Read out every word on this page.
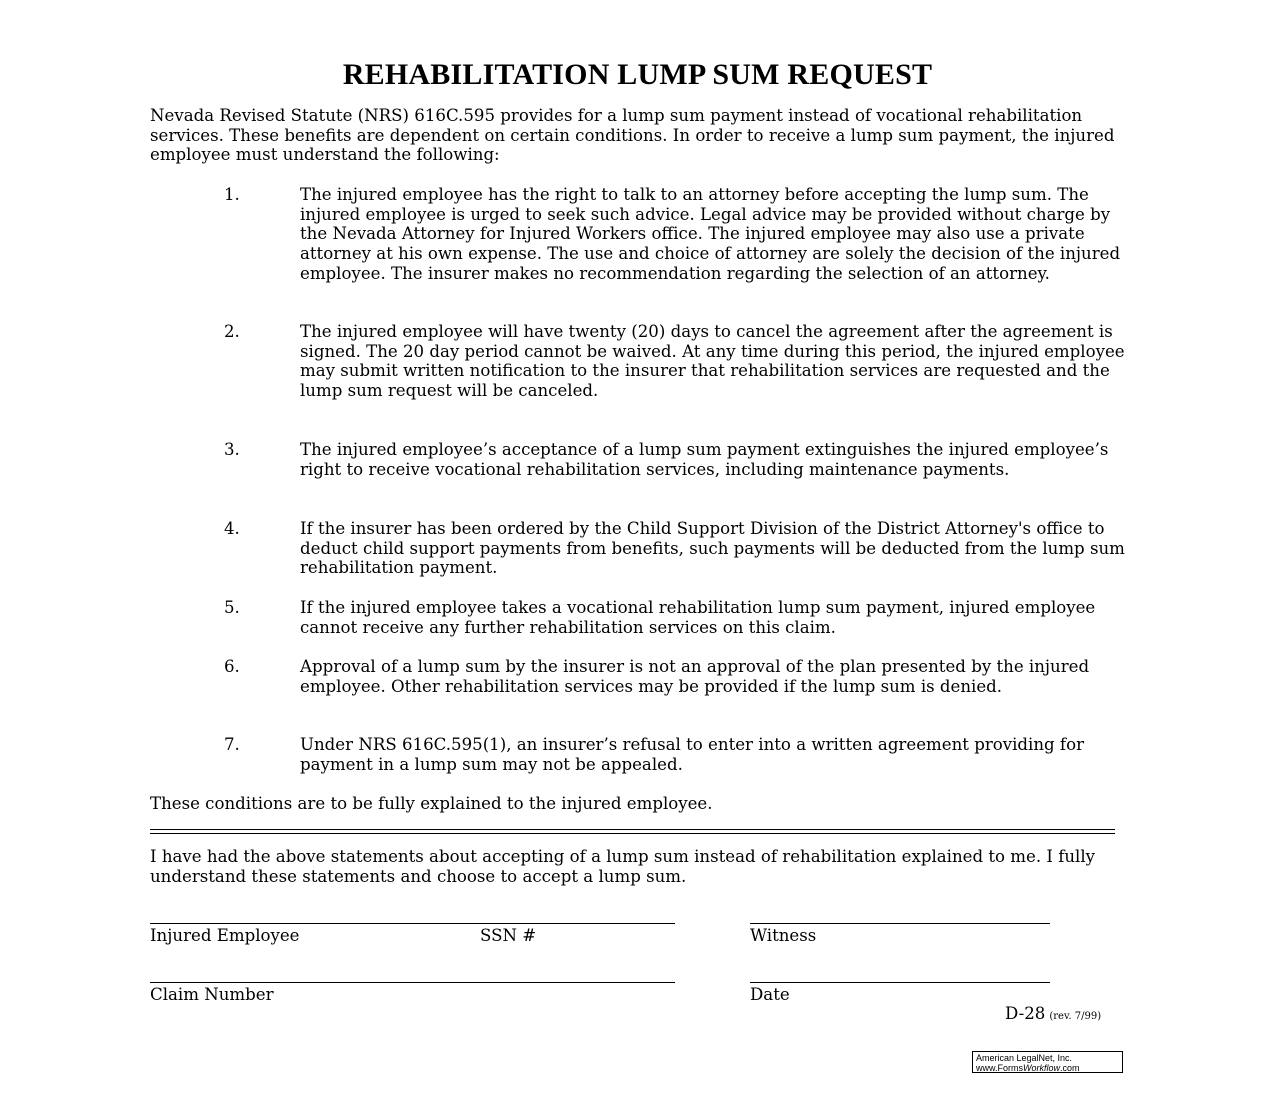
REHABILITATION LUMP SUM REQUEST

Nevada Revised Statute (NRS) 616C.595 provides for a lump sum payment instead of vocational rehabilitation services. These benefits are dependent on certain conditions. In order to receive a lump sum payment, the injured employee must understand the following:

1.	The injured employee has the right to talk to an attorney before accepting the lump sum. The injured employee is urged to seek such advice. Legal advice may be provided without charge by the Nevada Attorney for Injured Workers office. The injured employee may also use a private attorney at his own expense. The use and choice of attorney are solely the decision of the injured employee. The insurer makes no recommendation regarding the selection of an attorney.
2.	The injured employee will have twenty (20) days to cancel the agreement after the agreement is signed. The 20 day period cannot be waived. At any time during this period, the injured employee may submit written notification to the insurer that rehabilitation services are requested and the lump sum request will be canceled.
3.	The injured employee’s acceptance of a lump sum payment extinguishes the injured employee’s right to receive vocational rehabilitation services, including maintenance payments.
4.	If the insurer has been ordered by the Child Support Division of the District Attorney's office to deduct child support payments from benefits, such payments will be deducted from the lump sum rehabilitation payment.
5.	If the injured employee takes a vocational rehabilitation lump sum payment, injured employee cannot receive any further rehabilitation services on this claim.
6.	Approval of a lump sum by the insurer is not an approval of the plan presented by the injured employee. Other rehabilitation services may be provided if the lump sum is denied.
7.	Under NRS 616C.595(1), an insurer’s refusal to enter into a written agreement providing for payment in a lump sum may not be appealed.

These conditions are to be fully explained to the injured employee.

I have had the above statements about accepting of a lump sum instead of rehabilitation explained to me. I fully understand these statements and choose to accept a lump sum.

Injured Employee	SSN #	Witness
Claim Number	Date
D-28 (rev. 7/99)
American LegalNet, Inc.
www.FormsWorkflow.com
